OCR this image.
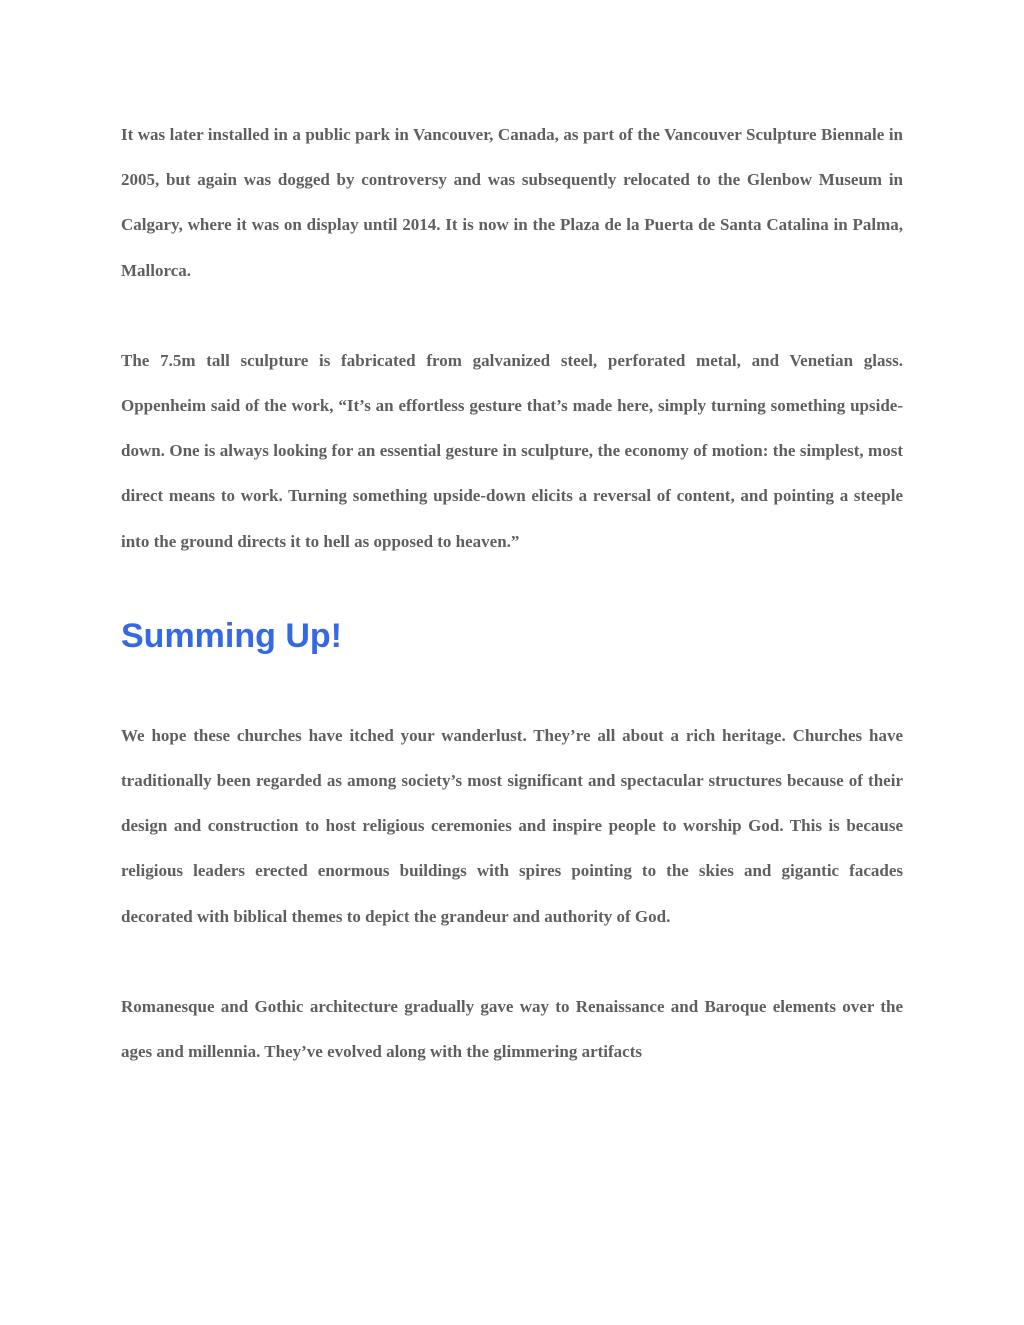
It was later installed in a public park in Vancouver, Canada, as part of the Vancouver Sculpture Biennale in 2005, but again was dogged by controversy and was subsequently relocated to the Glenbow Museum in Calgary, where it was on display until 2014. It is now in the Plaza de la Puerta de Santa Catalina in Palma, Mallorca.

The 7.5m tall sculpture is fabricated from galvanized steel, perforated metal, and Venetian glass. Oppenheim said of the work, “It’s an effortless gesture that’s made here, simply turning something upside-down. One is always looking for an essential gesture in sculpture, the economy of motion: the simplest, most direct means to work. Turning something upside-down elicits a reversal of content, and pointing a steeple into the ground directs it to hell as opposed to heaven.”

Summing Up!

We hope these churches have itched your wanderlust. They’re all about a rich heritage. Churches have traditionally been regarded as among society’s most significant and spectacular structures because of their design and construction to host religious ceremonies and inspire people to worship God. This is because religious leaders erected enormous buildings with spires pointing to the skies and gigantic facades decorated with biblical themes to depict the grandeur and authority of God.

Romanesque and Gothic architecture gradually gave way to Renaissance and Baroque elements over the ages and millennia. They’ve evolved along with the glimmering artifacts
